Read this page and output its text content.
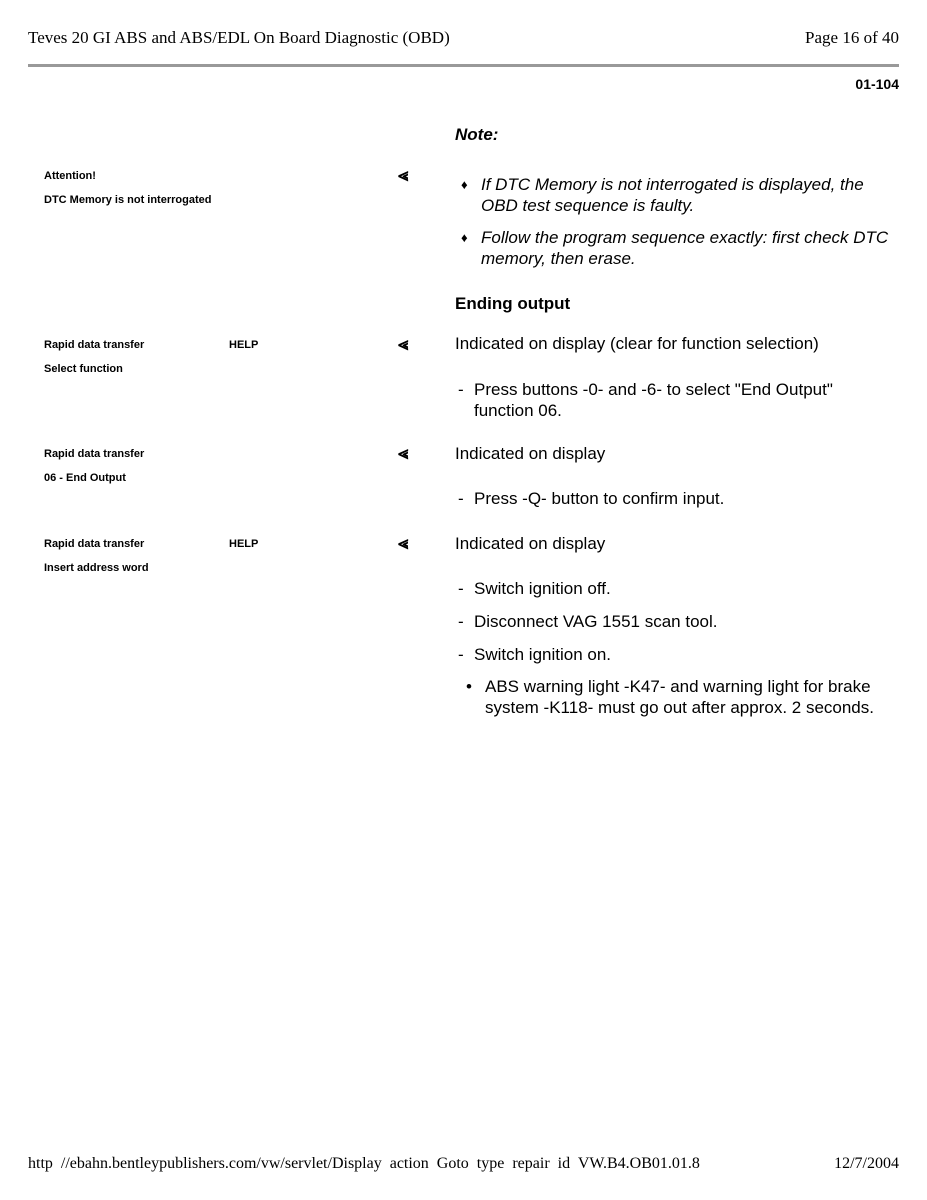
Teves 20 GI ABS and ABS/EDL On Board Diagnostic (OBD)	Page 16 of 40
01-104
Attention!
DTC Memory is not interrogated
⪡
Rapid data transfer	HELP
Select function
⪡
Rapid data transfer
06 - End Output
⪡
Rapid data transfer	HELP
Insert address word
⪡
Note:
♦ If DTC Memory is not interrogated is displayed, the OBD test sequence is faulty.
♦ Follow the program sequence exactly: first check DTC memory, then erase.
Ending output
Indicated on display (clear for function selection)
- Press buttons -0- and -6- to select "End Output" function 06.
Indicated on display
- Press -Q- button to confirm input.
Indicated on display
- Switch ignition off.
- Disconnect VAG 1551 scan tool.
- Switch ignition on.
• ABS warning light -K47- and warning light for brake system -K118- must go out after approx. 2 seconds.
http //ebahn.bentleypublishers.com/vw/servlet/Display action Goto type repair id VW.B4.OB01.01.8	12/7/2004
